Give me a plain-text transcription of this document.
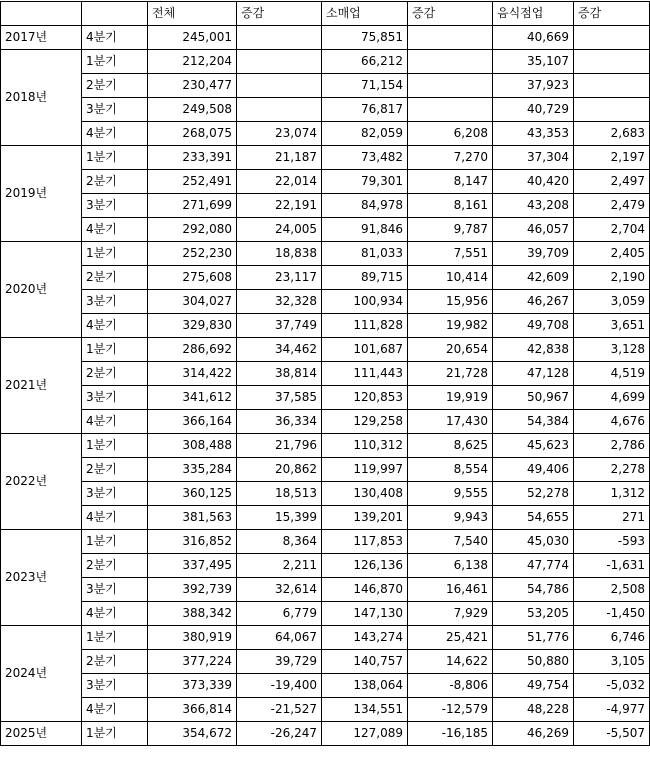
		전체	증감	소매업	증감	음식점업	증감
2017년	4분기	245,001		75,851		40,669	
2018년	1분기	212,204		66,212		35,107	
	2분기	230,477		71,154		37,923	
	3분기	249,508		76,817		40,729	
	4분기	268,075	23,074	82,059	6,208	43,353	2,683
2019년	1분기	233,391	21,187	73,482	7,270	37,304	2,197
	2분기	252,491	22,014	79,301	8,147	40,420	2,497
	3분기	271,699	22,191	84,978	8,161	43,208	2,479
	4분기	292,080	24,005	91,846	9,787	46,057	2,704
2020년	1분기	252,230	18,838	81,033	7,551	39,709	2,405
	2분기	275,608	23,117	89,715	10,414	42,609	2,190
	3분기	304,027	32,328	100,934	15,956	46,267	3,059
	4분기	329,830	37,749	111,828	19,982	49,708	3,651
2021년	1분기	286,692	34,462	101,687	20,654	42,838	3,128
	2분기	314,422	38,814	111,443	21,728	47,128	4,519
	3분기	341,612	37,585	120,853	19,919	50,967	4,699
	4분기	366,164	36,334	129,258	17,430	54,384	4,676
2022년	1분기	308,488	21,796	110,312	8,625	45,623	2,786
	2분기	335,284	20,862	119,997	8,554	49,406	2,278
	3분기	360,125	18,513	130,408	9,555	52,278	1,312
	4분기	381,563	15,399	139,201	9,943	54,655	271
2023년	1분기	316,852	8,364	117,853	7,540	45,030	-593
	2분기	337,495	2,211	126,136	6,138	47,774	-1,631
	3분기	392,739	32,614	146,870	16,461	54,786	2,508
	4분기	388,342	6,779	147,130	7,929	53,205	-1,450
2024년	1분기	380,919	64,067	143,274	25,421	51,776	6,746
	2분기	377,224	39,729	140,757	14,622	50,880	3,105
	3분기	373,339	-19,400	138,064	-8,806	49,754	-5,032
	4분기	366,814	-21,527	134,551	-12,579	48,228	-4,977
2025년	1분기	354,672	-26,247	127,089	-16,185	46,269	-5,507
